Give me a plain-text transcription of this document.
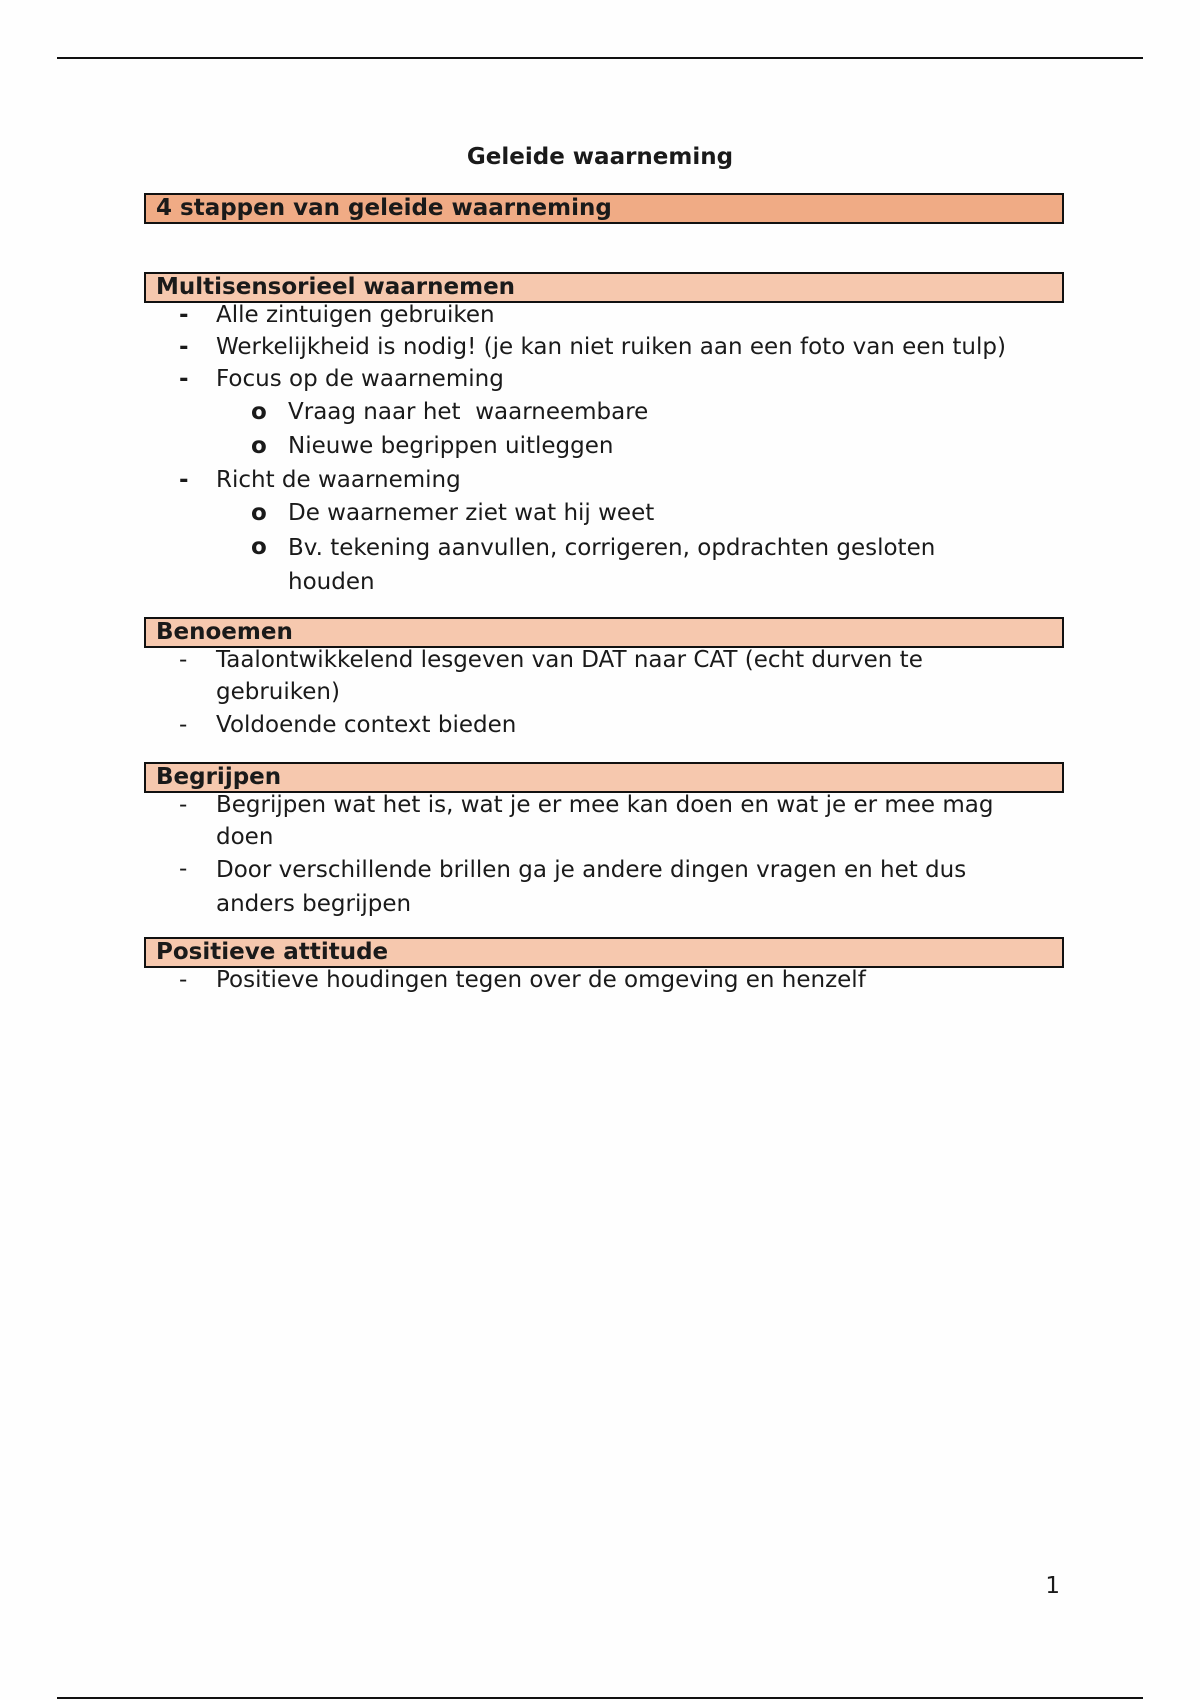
Geleide waarneming
4 stappen van geleide waarneming
Multisensorieel waarnemen
- Alle zintuigen gebruiken
- Werkelijkheid is nodig! (je kan niet ruiken aan een foto van een tulp)
- Focus op de waarneming
o Vraag naar het  waarneembare
o Nieuwe begrippen uitleggen
- Richt de waarneming
o De waarnemer ziet wat hij weet
o Bv. tekening aanvullen, corrigeren, opdrachten gesloten houden
Benoemen
- Taalontwikkelend lesgeven van DAT naar CAT (echt durven te gebruiken)
- Voldoende context bieden
Begrijpen
- Begrijpen wat het is, wat je er mee kan doen en wat je er mee mag doen
- Door verschillende brillen ga je andere dingen vragen en het dus anders begrijpen
Positieve attitude
- Positieve houdingen tegen over de omgeving en henzelf
1
